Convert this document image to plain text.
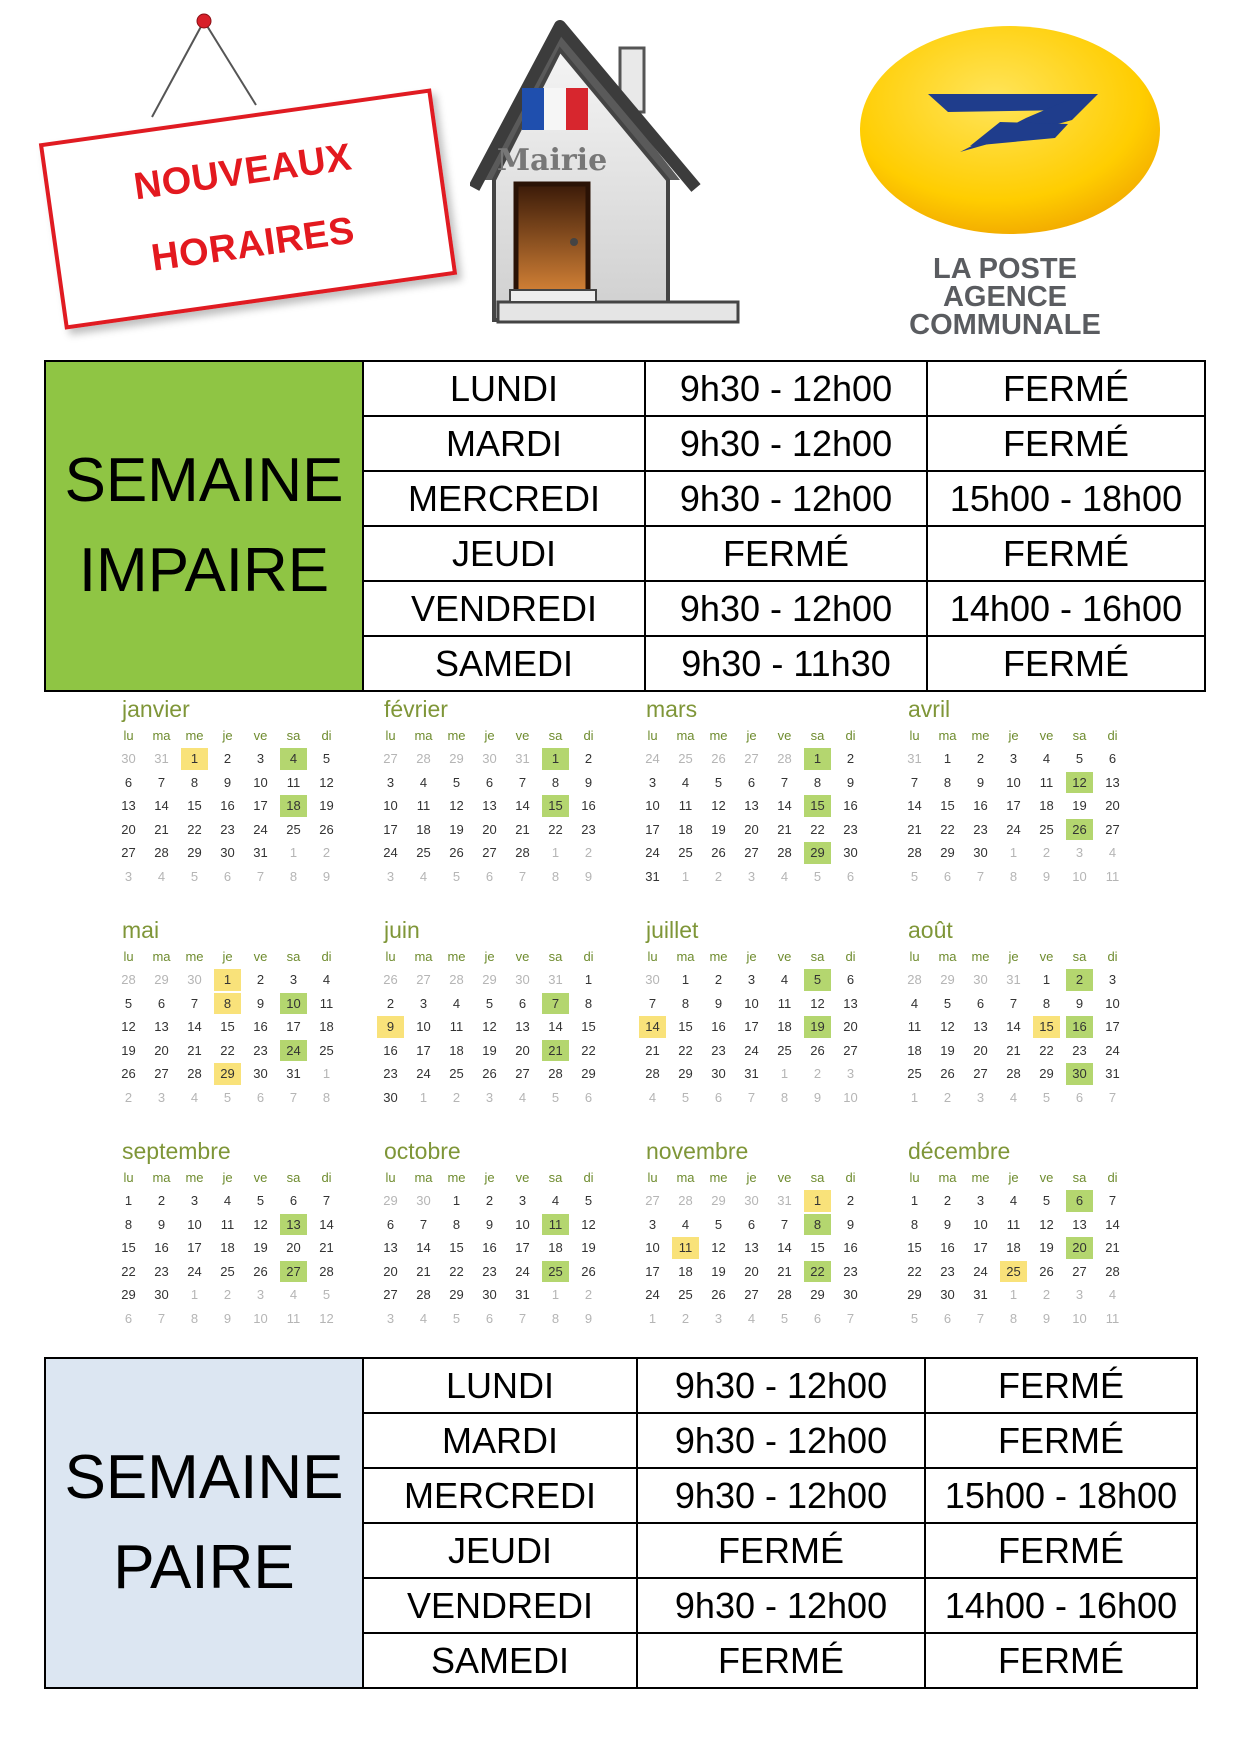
NOUVEAUX
HORAIRES
Mairie
LA POSTE
AGENCE COMMUNALE
SEMAINE
IMPAIRE	LUNDI	9h30 - 12h00	FERMÉ
	MARDI	9h30 - 12h00	FERMÉ
	MERCREDI	9h30 - 12h00	15h00 - 18h00
	JEUDI	FERMÉ	FERMÉ
	VENDREDI	9h30 - 12h00	14h00 - 16h00
	SAMEDI	9h30 - 11h30	FERMÉ
janvier
lu	ma	me	je	ve	sa	di
30	31	1	2	3	4	5
6	7	8	9	10	11	12
13	14	15	16	17	18	19
20	21	22	23	24	25	26
27	28	29	30	31	1	2
3	4	5	6	7	8	9
février
lu	ma	me	je	ve	sa	di
27	28	29	30	31	1	2
3	4	5	6	7	8	9
10	11	12	13	14	15	16
17	18	19	20	21	22	23
24	25	26	27	28	1	2
3	4	5	6	7	8	9
mars
lu	ma	me	je	ve	sa	di
24	25	26	27	28	1	2
3	4	5	6	7	8	9
10	11	12	13	14	15	16
17	18	19	20	21	22	23
24	25	26	27	28	29	30
31	1	2	3	4	5	6
avril
lu	ma	me	je	ve	sa	di
31	1	2	3	4	5	6
7	8	9	10	11	12	13
14	15	16	17	18	19	20
21	22	23	24	25	26	27
28	29	30	1	2	3	4
5	6	7	8	9	10	11
mai
lu	ma	me	je	ve	sa	di
28	29	30	1	2	3	4
5	6	7	8	9	10	11
12	13	14	15	16	17	18
19	20	21	22	23	24	25
26	27	28	29	30	31	1
2	3	4	5	6	7	8
juin
lu	ma	me	je	ve	sa	di
26	27	28	29	30	31	1
2	3	4	5	6	7	8
9	10	11	12	13	14	15
16	17	18	19	20	21	22
23	24	25	26	27	28	29
30	1	2	3	4	5	6
juillet
lu	ma	me	je	ve	sa	di
30	1	2	3	4	5	6
7	8	9	10	11	12	13
14	15	16	17	18	19	20
21	22	23	24	25	26	27
28	29	30	31	1	2	3
4	5	6	7	8	9	10
août
lu	ma	me	je	ve	sa	di
28	29	30	31	1	2	3
4	5	6	7	8	9	10
11	12	13	14	15	16	17
18	19	20	21	22	23	24
25	26	27	28	29	30	31
1	2	3	4	5	6	7
septembre
lu	ma	me	je	ve	sa	di
1	2	3	4	5	6	7
8	9	10	11	12	13	14
15	16	17	18	19	20	21
22	23	24	25	26	27	28
29	30	1	2	3	4	5
6	7	8	9	10	11	12
octobre
lu	ma	me	je	ve	sa	di
29	30	1	2	3	4	5
6	7	8	9	10	11	12
13	14	15	16	17	18	19
20	21	22	23	24	25	26
27	28	29	30	31	1	2
3	4	5	6	7	8	9
novembre
lu	ma	me	je	ve	sa	di
27	28	29	30	31	1	2
3	4	5	6	7	8	9
10	11	12	13	14	15	16
17	18	19	20	21	22	23
24	25	26	27	28	29	30
1	2	3	4	5	6	7
décembre
lu	ma	me	je	ve	sa	di
1	2	3	4	5	6	7
8	9	10	11	12	13	14
15	16	17	18	19	20	21
22	23	24	25	26	27	28
29	30	31	1	2	3	4
5	6	7	8	9	10	11
SEMAINE
PAIRE	LUNDI	9h30 - 12h00	FERMÉ
	MARDI	9h30 - 12h00	FERMÉ
	MERCREDI	9h30 - 12h00	15h00 - 18h00
	JEUDI	FERMÉ	FERMÉ
	VENDREDI	9h30 - 12h00	14h00 - 16h00
	SAMEDI	FERMÉ	FERMÉ
